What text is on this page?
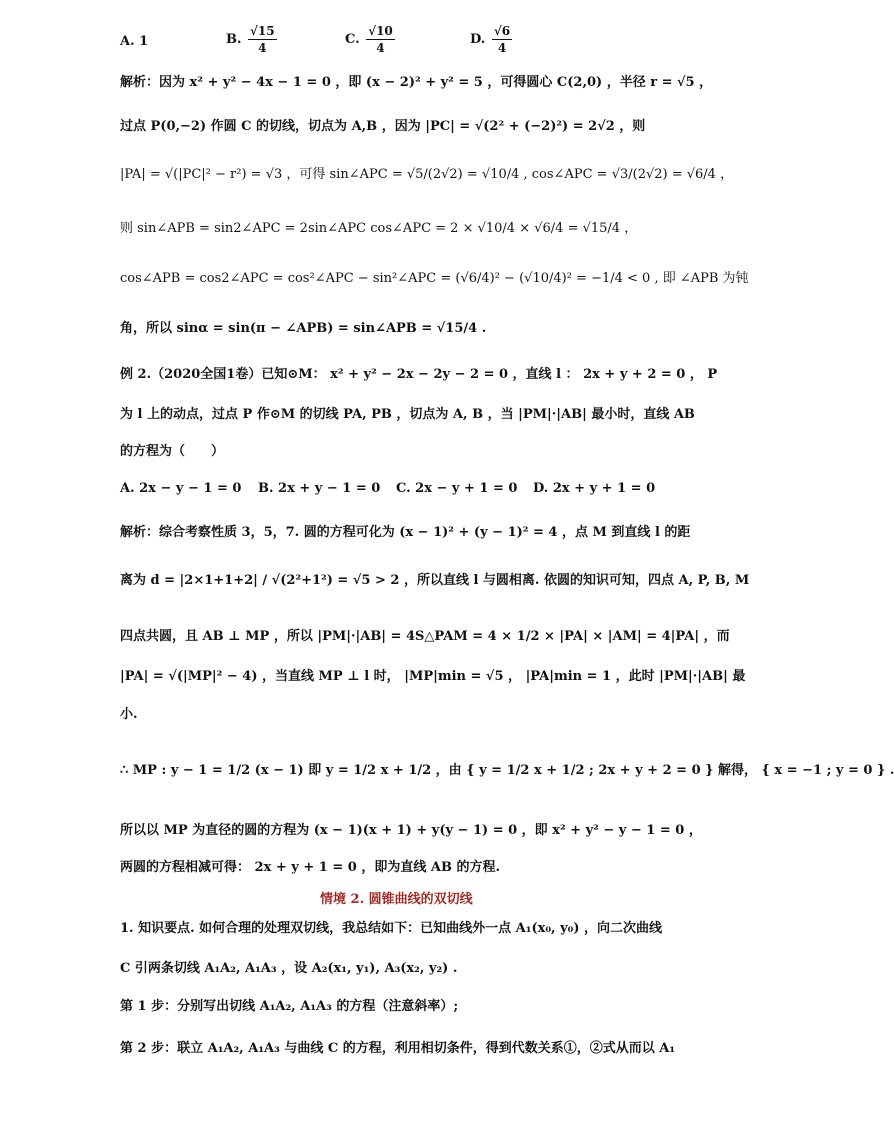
A. 1	B. $\frac{√15}{4}$	C. $\frac{√10}{4}$	D. $\frac{√6}{4}$
解析：因为 x² + y² − 4x − 1 = 0 ，即 (x − 2)² + y² = 5 ，可得圆心 C(2,0) ，半径 r = √5 ，
过点 P(0,−2) 作圆 C 的切线，切点为 A,B ，因为 |PC| = √(2² + (−2)²) = 2√2 ，则
|PA| = √(|PC|² − r²) = √3 ，可得 sin∠APC = √5/(2√2) = √10/4 , cos∠APC = √3/(2√2) = √6/4 ，
则 sin∠APB = sin2∠APC = 2sin∠APC cos∠APC = 2 × √10/4 × √6/4 = √15/4 ，
cos∠APB = cos2∠APC = cos²∠APC − sin²∠APC = (√6/4)² − (√10/4)² = −1/4 < 0 , 即 ∠APB 为钝
角，所以 sinα = sin(π − ∠APB) = sin∠APB = √15/4 .
例 2.（2020全国1卷）已知⊙M： x² + y² − 2x − 2y − 2 = 0 ，直线 l ： 2x + y + 2 = 0 ， P
为 l 上的动点，过点 P 作⊙M 的切线 PA, PB ，切点为 A, B ，当 |PM|·|AB| 最小时，直线 AB
的方程为（　　）
A. 2x − y − 1 = 0 B. 2x + y − 1 = 0 C. 2x − y + 1 = 0 D. 2x + y + 1 = 0
解析：综合考察性质 3，5，7. 圆的方程可化为 (x − 1)² + (y − 1)² = 4 ，点 M 到直线 l 的距
离为 d = |2×1+1+2| / √(2²+1²) = √5 > 2 ，所以直线 l 与圆相离. 依圆的知识可知，四点 A, P, B, M
四点共圆，且 AB ⊥ MP ，所以 |PM|·|AB| = 4S△PAM = 4 × 1/2 × |PA| × |AM| = 4|PA| ，而
|PA| = √(|MP|² − 4) ，当直线 MP ⊥ l 时， |MP|min = √5 ， |PA|min = 1 ，此时 |PM|·|AB| 最
小.
∴ MP : y − 1 = 1/2 (x − 1) 即 y = 1/2 x + 1/2 ，由 { y = 1/2 x + 1/2 ; 2x + y + 2 = 0 } 解得， { x = −1 ; y = 0 } .
所以以 MP 为直径的圆的方程为 (x − 1)(x + 1) + y(y − 1) = 0 ，即 x² + y² − y − 1 = 0 ，
两圆的方程相减可得： 2x + y + 1 = 0 ，即为直线 AB 的方程.
情境 2. 圆锥曲线的双切线
1. 知识要点. 如何合理的处理双切线，我总结如下：已知曲线外一点 A₁(x₀, y₀) ，向二次曲线
C 引两条切线 A₁A₂, A₁A₃ ，设 A₂(x₁, y₁), A₃(x₂, y₂) .
第 1 步：分别写出切线 A₁A₂, A₁A₃ 的方程（注意斜率）;
第 2 步：联立 A₁A₂, A₁A₃ 与曲线 C 的方程，利用相切条件，得到代数关系①，②式从而以 A₁
